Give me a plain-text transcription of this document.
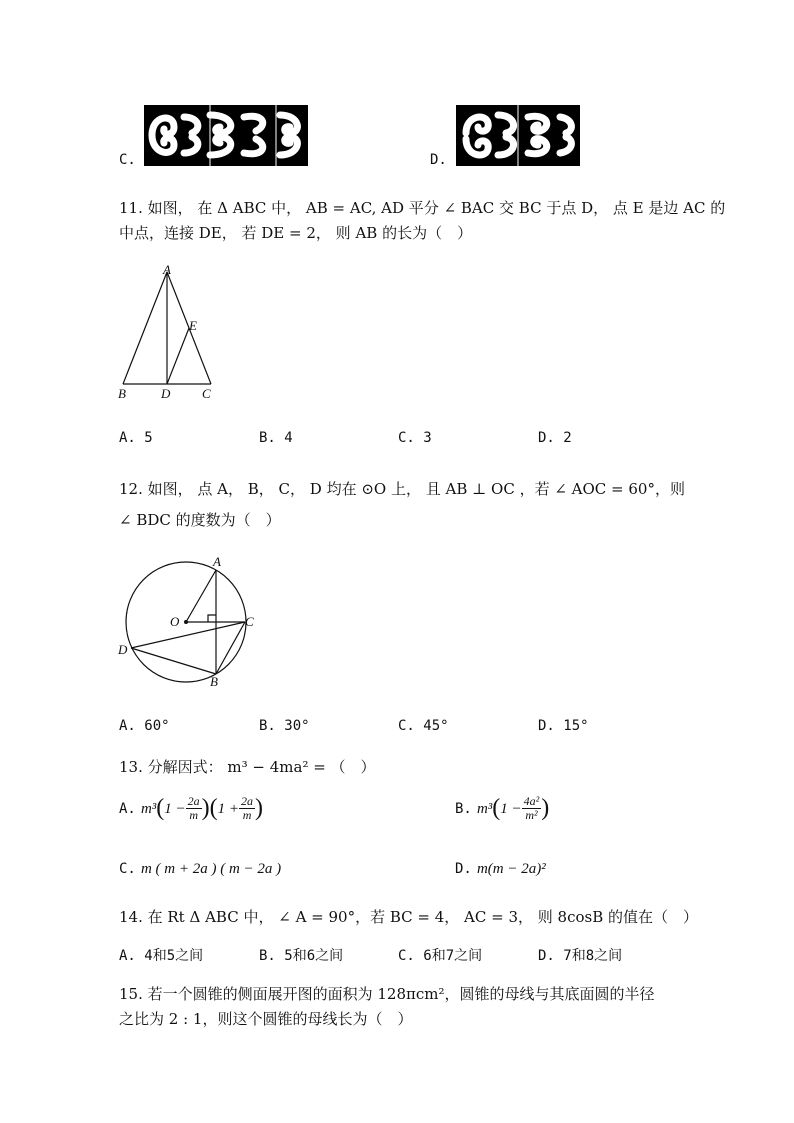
C.	D.
11. 如图， 在 Δ ABC 中， AB = AC, AD 平分 ∠ BAC 交 BC 于点 D， 点 E 是边 AC 的
中点，连接 DE， 若 DE = 2， 则 AB 的长为（　）
A
E
B	D C
A. 5	B. 4	C. 3	D. 2
12. 如图， 点 A， B， C， D 均在 ⊙O 上， 且 AB ⊥ OC ，若 ∠ AOC = 60°，则
∠ BDC 的度数为（　）
A
O	C
D
B
A. 60°	B. 30°	C. 45°	D. 15°
13. 分解因式： m³ − 4ma² = （　）
A. $m^3(1 - \frac{2a}{m} )(1 + \frac{2a}{m}$ )	B. $m^3(1 - \frac{\text{4a²}}{\text{m²}}$ )
C. m ( m + 2a ) ( m − 2a )	D. m(m − 2a)²
14. 在 Rt Δ ABC 中， ∠ A = 90°，若 BC = 4， AC = 3， 则 8cosB 的值在（　）
A. 4和5之间	B. 5和6之间	C. 6和7之间	D. 7和8之间
15. 若一个圆锥的侧面展开图的面积为 128πcm²，圆锥的母线与其底面圆的半径
之比为 2 : 1，则这个圆锥的母线长为（　）
